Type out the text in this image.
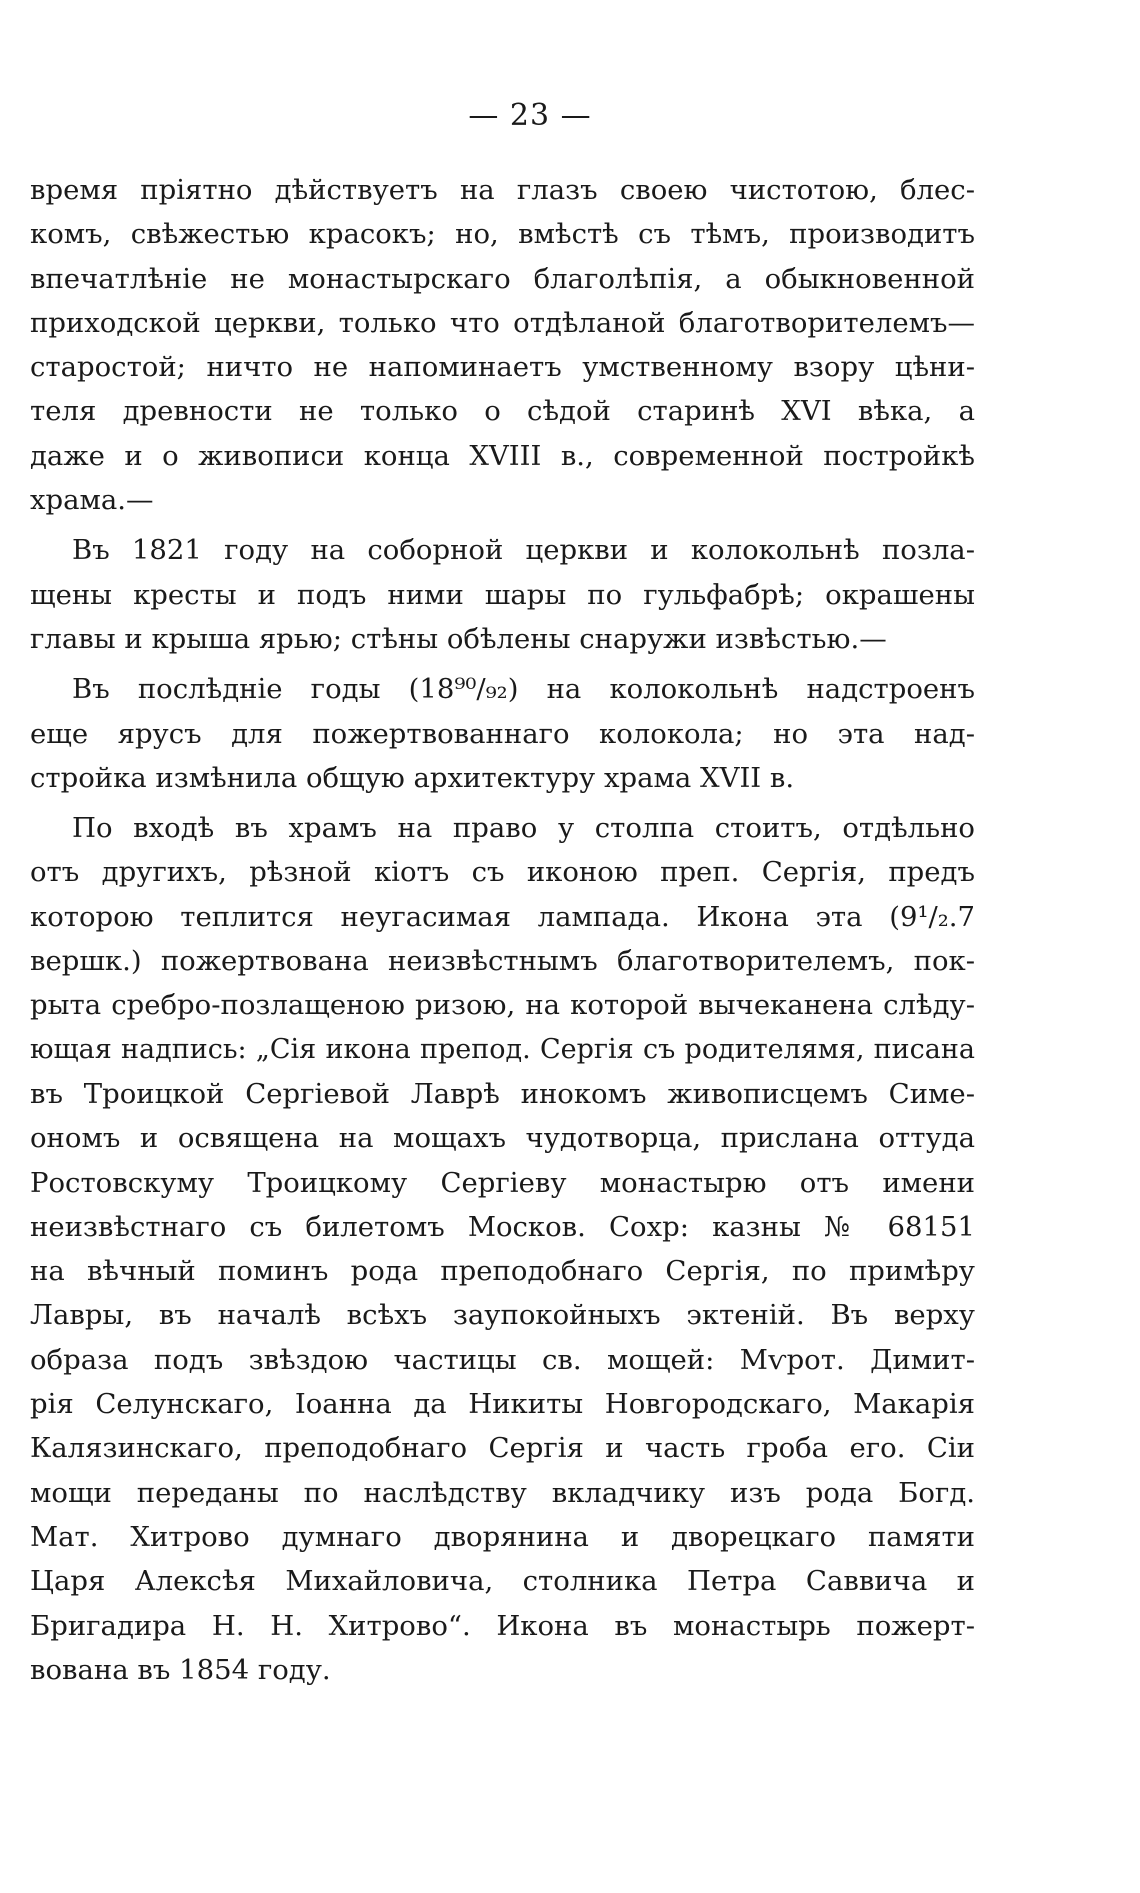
— 23 —
время пріятно дѣйствуетъ на глазъ своею чистотою, блес-
комъ, свѣжестью красокъ; но, вмѣстѣ съ тѣмъ, производитъ
впечатлѣніе не монастырскаго благолѣпія, а обыкновенной
приходской церкви, только что отдѣланой благотворителемъ—
старостой; ничто не напоминаетъ умственному взору цѣни-
теля древности не только о сѣдой старинѣ XVI вѣка, а
даже и о живописи конца XVIII в., современной постройкѣ
храма.—
Въ 1821 году на соборной церкви и колокольнѣ позла-
щены кресты и подъ ними шары по гульфабрѣ; окрашены
главы и крыша ярью; стѣны обѣлены снаружи извѣстью.—
Въ послѣдніе годы (18⁹⁰/₉₂) на колокольнѣ надстроенъ
еще ярусъ для пожертвованнаго колокола; но эта над-
стройка измѣнила общую архитектуру храма XVII в.
По входѣ въ храмъ на право у столпа стоитъ, отдѣльно
отъ другихъ, рѣзной кіотъ съ иконою преп. Сергія, предъ
которою теплится неугасимая лампада. Икона эта (9¹/₂.7
вершк.) пожертвована неизвѣстнымъ благотворителемъ, пок-
рыта сребро-позлащеною ризою, на которой вычеканена слѣду-
ющая надпись: „Сія икона препод. Сергія съ родителямя, писана
въ Троицкой Сергіевой Лаврѣ инокомъ живописцемъ Симе-
ономъ и освящена на мощахъ чудотворца, прислана оттуда
Ростовскуму Троицкому Сергіеву монастырю отъ имени
неизвѣстнаго съ билетомъ Москов. Сохр: казны № 68151
на вѣчный поминъ рода преподобнаго Сергія, по примѣру
Лавры, въ началѣ всѣхъ заупокойныхъ эктеній. Въ верху
образа подъ звѣздою частицы св. мощей: Мѵрот. Димит-
рія Селунскаго, Іоанна да Никиты Новгородскаго, Макарія
Калязинскаго, преподобнаго Сергія и часть гроба его. Сіи
мощи переданы по наслѣдству вкладчику изъ рода Богд.
Мат. Хитрово думнаго дворянина и дворецкаго памяти
Царя Алексѣя Михайловича, столника Петра Саввича и
Бригадира Н. Н. Хитрово“. Икона въ монастырь пожерт-
вована въ 1854 году.
